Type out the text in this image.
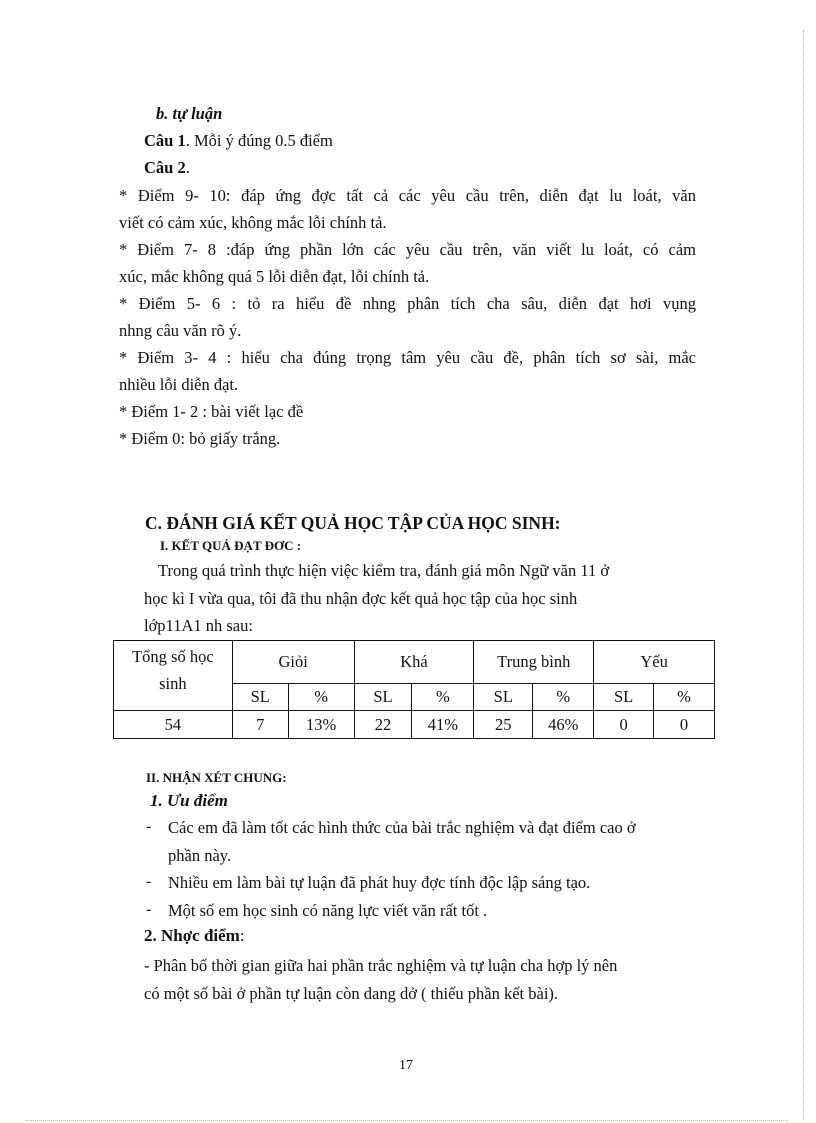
b. tự luận
Câu 1. Mỗi ý đúng 0.5 điểm
Câu 2.
* Điểm 9- 10: đáp ứng đợc tất cả các yêu cầu trên, diễn đạt lu loát, văn
viết có cảm xúc, không mắc lỗi chính tả.
* Điểm 7- 8 :đáp ứng phần lớn các yêu cầu trên, văn viết lu loát, có cảm
xúc, mắc không quá 5 lỗi diễn đạt, lỗi chính tả.
* Điểm 5- 6 : tỏ ra hiểu đề nhng phân tích cha sâu, diễn đạt hơi vụng
nhng câu văn rõ ý.
* Điểm 3- 4 : hiểu cha đúng trọng tâm yêu cầu đề, phân tích sơ sài, mắc
nhiều lỗi diễn đạt.
* Điểm 1- 2 : bài viết lạc đề
* Điểm 0: bỏ giấy trắng.
C. ĐÁNH GIÁ KẾT QUẢ HỌC TẬP CỦA HỌC SINH:
I. KẾT QUẢ ĐẠT ĐƠC :
Trong quá trình thực hiện việc kiểm tra, đánh giá môn Ngữ văn 11 ở
học kì I vừa qua, tôi đã thu nhận đợc kết quả học tập của học sinh
lớp11A1 nh sau:
Tổng số học sinh	Giỏi		Khá		Trung bình		Yếu	
	SL	%	SL	%	SL	%	SL	%
54	7	13%	22	41%	25	46%	0	0
II. NHẬN XÉT CHUNG:
1. Ưu điểm
- Các em đã làm tốt các hình thức của bài trắc nghiệm và đạt điểm cao ở
phần này.
- Nhiều em làm bài tự luận đã phát huy đợc tính độc lập sáng tạo.
- Một số em học sinh có năng lực viết văn rất tốt .
2. Nhợc điểm:
- Phân bố thời gian giữa hai phần trắc nghiệm và tự luận cha hợp lý nên
có một số bài ở phần tự luận còn dang dở ( thiếu phần kết bài).
17
